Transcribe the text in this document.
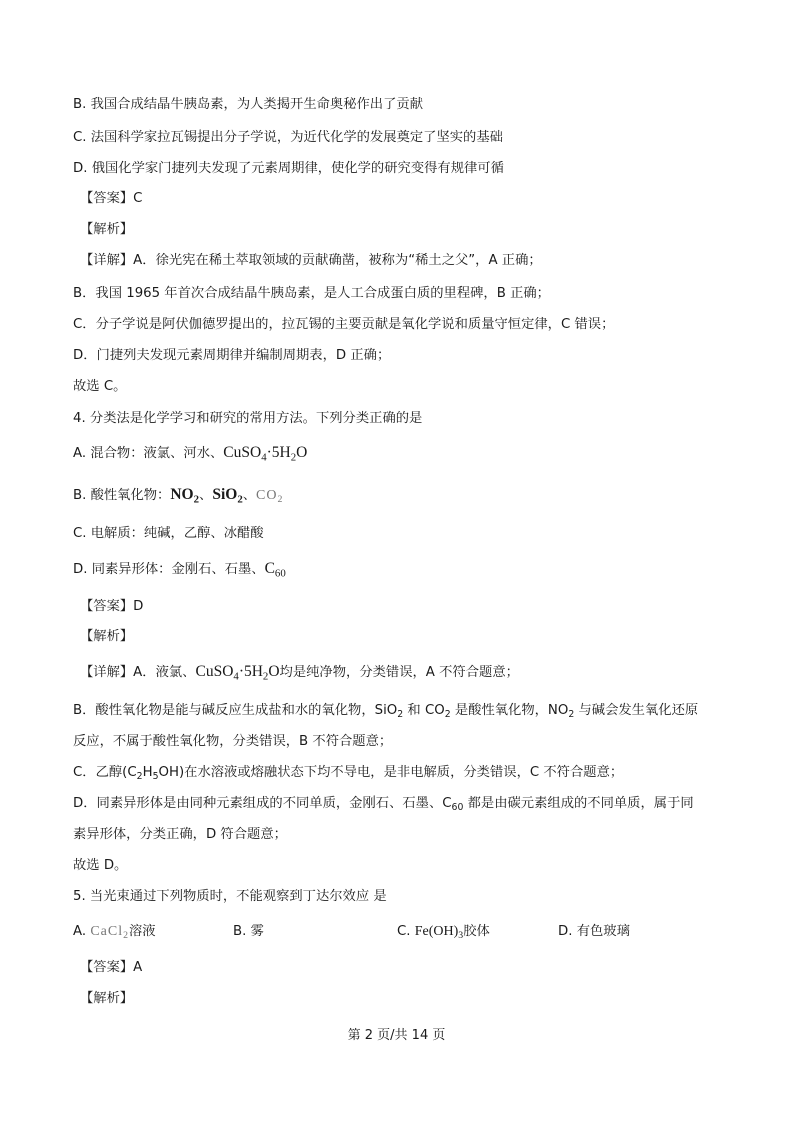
B. 我国合成结晶牛胰岛素，为人类揭开生命奥秘作出了贡献
C. 法国科学家拉瓦锡提出分子学说，为近代化学的发展奠定了坚实的基础
D. 俄国化学家门捷列夫发现了元素周期律，使化学的研究变得有规律可循
【答案】C
【解析】
【详解】A．徐光宪在稀土萃取领域的贡献确凿，被称为“稀土之父”，A 正确；
B．我国 1965 年首次合成结晶牛胰岛素，是人工合成蛋白质的里程碑，B 正确；
C．分子学说是阿伏伽德罗提出的，拉瓦锡的主要贡献是氧化学说和质量守恒定律，C 错误；
D．门捷列夫发现元素周期律并编制周期表，D 正确；
故选 C。
4. 分类法是化学学习和研究的常用方法。下列分类正确的是
A. 混合物：液氯、河水、$CuSO_4\cdot 5H_2O$
B. 酸性氧化物：$NO_2$、SiO$_2$、$CO_2$
C. 电解质：纯碱，乙醇、冰醋酸
D. 同素异形体：金刚石、石墨、$C_{60}$
【答案】D
【解析】
【详解】A．液氯、$CuSO_4\cdot 5H_2O$均是纯净物，分类错误，A 不符合题意；
B．酸性氧化物是能与碱反应生成盐和水的氧化物，SiO$_2$ 和 $CO_2$ 是酸性氧化物，$NO_2$ 与碱会发生氧化还原
反应，不属于酸性氧化物，分类错误，B 不符合题意；
C．乙醇$(C_2H_5OH)$在水溶液或熔融状态下均不导电，是非电解质，分类错误，C 不符合题意；
D．同素异形体是由同种元素组成的不同单质，金刚石、石墨、$C_{60}$ 都是由碳元素组成的不同单质，属于同
素异形体，分类正确，D 符合题意；
故选 D。
5. 当光束通过下列物质时，不能观察到丁达尔效应 是
A. CaCl$_2$溶液	B. 雾	C. $Fe(OH)_3$胶体	D. 有色玻璃
【答案】A
【解析】
第 2 页/共 14 页
